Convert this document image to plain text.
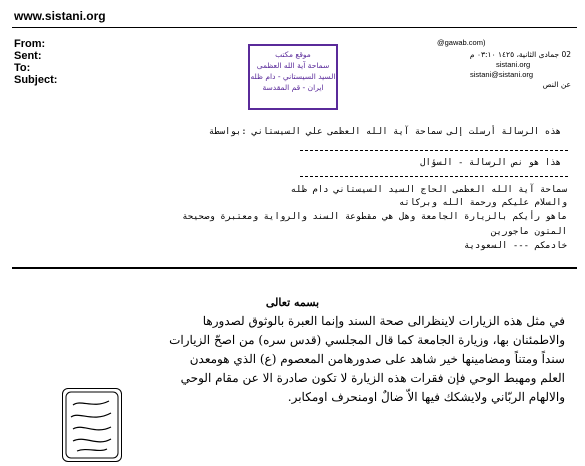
www.sistani.org
From:
Sent:
To:
Subject:
موقع مكتب
سماحة آية الله العظمى
السيد السيستاني - دام ظله
ايران - قم المقدسة
@gawab.com)
02 جمادى الثانية، ١٤٢٥ ٠٣:١٠ م
sistani.org
sistani@sistani.org
عن النص
هذه الرسالة أرسلت إلى سماحة آية الله العظمى علي السيستاني :بواسطة
هذا هو نص الرسالة - السؤال
سماحة آية الله العظمى الحاج السيد السيستاني دام ظله
والسلام عليكم ورحمة الله وبركاته
ماهو رأيكم بالزيارة الجامعة وهل هي مقطوعة السند والرواية ومعتبرة وصحيحة
المتون ماجورين
خادمكم --- السعودية
بسمه تعالى
في مثل هذه الزيارات لاينظرالى صحة السند وإنما العبرة بالوثوق لصدورها
والاطمئنان بها، وزيارة الجامعة كما قال المجلسي (قدس سره) من اصحّ الزيارات
سنداً ومتناً ومضامينها خير شاهد على صدورهامن المعصوم (ع) الذي هومعدن
العلم ومهبط الوحي فإن فقرات هذه الزيارة لا تكون صادرة الا عن مقام الوحي
والالهام الربّاني ولايشكك فيها الاّ ضالٌ اومنحرف اومكابر.
